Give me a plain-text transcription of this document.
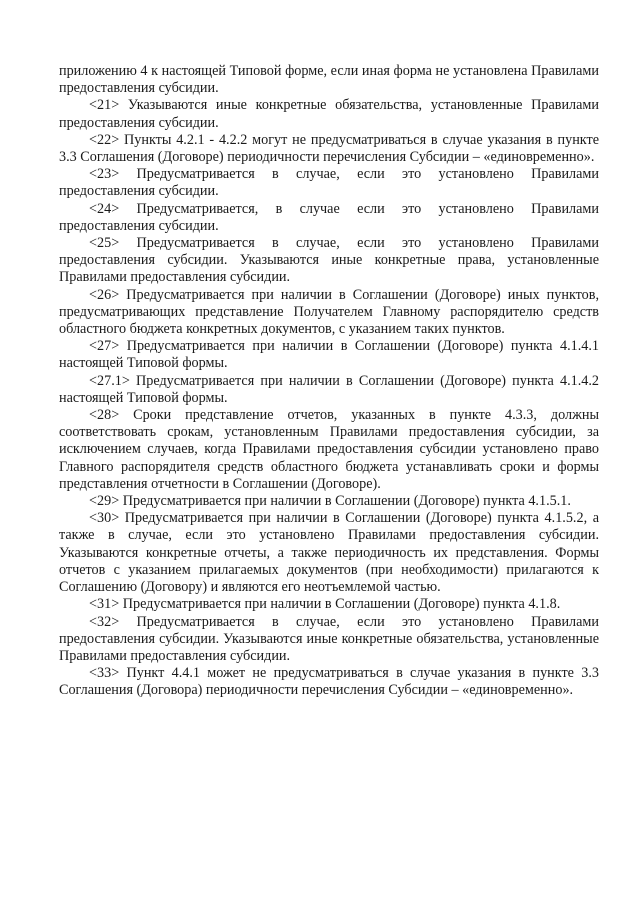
приложению 4 к настоящей Типовой форме, если иная форма не установлена Правилами предоставления субсидии.

<21> Указываются иные конкретные обязательства, установленные Правилами предоставления субсидии.

<22> Пункты 4.2.1 - 4.2.2 могут не предусматриваться в случае указания в пункте 3.3 Соглашения (Договоре) периодичности перечисления Субсидии – «единовременно».

<23> Предусматривается в случае, если это установлено Правилами предоставления субсидии.

<24> Предусматривается, в случае если это установлено Правилами предоставления субсидии.

<25> Предусматривается в случае, если это установлено Правилами предоставления субсидии. Указываются иные конкретные права, установленные Правилами предоставления субсидии.

<26> Предусматривается при наличии в Соглашении (Договоре) иных пунктов, предусматривающих представление Получателем Главному распорядителю средств областного бюджета конкретных документов, с указанием таких пунктов.

<27> Предусматривается при наличии в Соглашении (Договоре) пункта 4.1.4.1 настоящей Типовой формы.

<27.1> Предусматривается при наличии в Соглашении (Договоре) пункта 4.1.4.2 настоящей Типовой формы.

<28> Сроки представление отчетов, указанных в пункте 4.3.3, должны соответствовать срокам, установленным Правилами предоставления субсидии, за исключением случаев, когда Правилами предоставления субсидии установлено право Главного распорядителя средств областного бюджета устанавливать сроки и формы представления отчетности в Соглашении (Договоре).

<29> Предусматривается при наличии в Соглашении (Договоре) пункта 4.1.5.1.

<30> Предусматривается при наличии в Соглашении (Договоре) пункта 4.1.5.2, а также в случае, если это установлено Правилами предоставления субсидии. Указываются конкретные отчеты, а также периодичность их представления. Формы отчетов с указанием прилагаемых документов (при необходимости) прилагаются к Соглашению (Договору) и являются его неотъемлемой частью.

<31> Предусматривается при наличии в Соглашении (Договоре) пункта 4.1.8.

<32> Предусматривается в случае, если это установлено Правилами предоставления субсидии. Указываются иные конкретные обязательства, установленные Правилами предоставления субсидии.

<33> Пункт 4.4.1 может не предусматриваться в случае указания в пункте 3.3 Соглашения (Договора) периодичности перечисления Субсидии – «единовременно».
